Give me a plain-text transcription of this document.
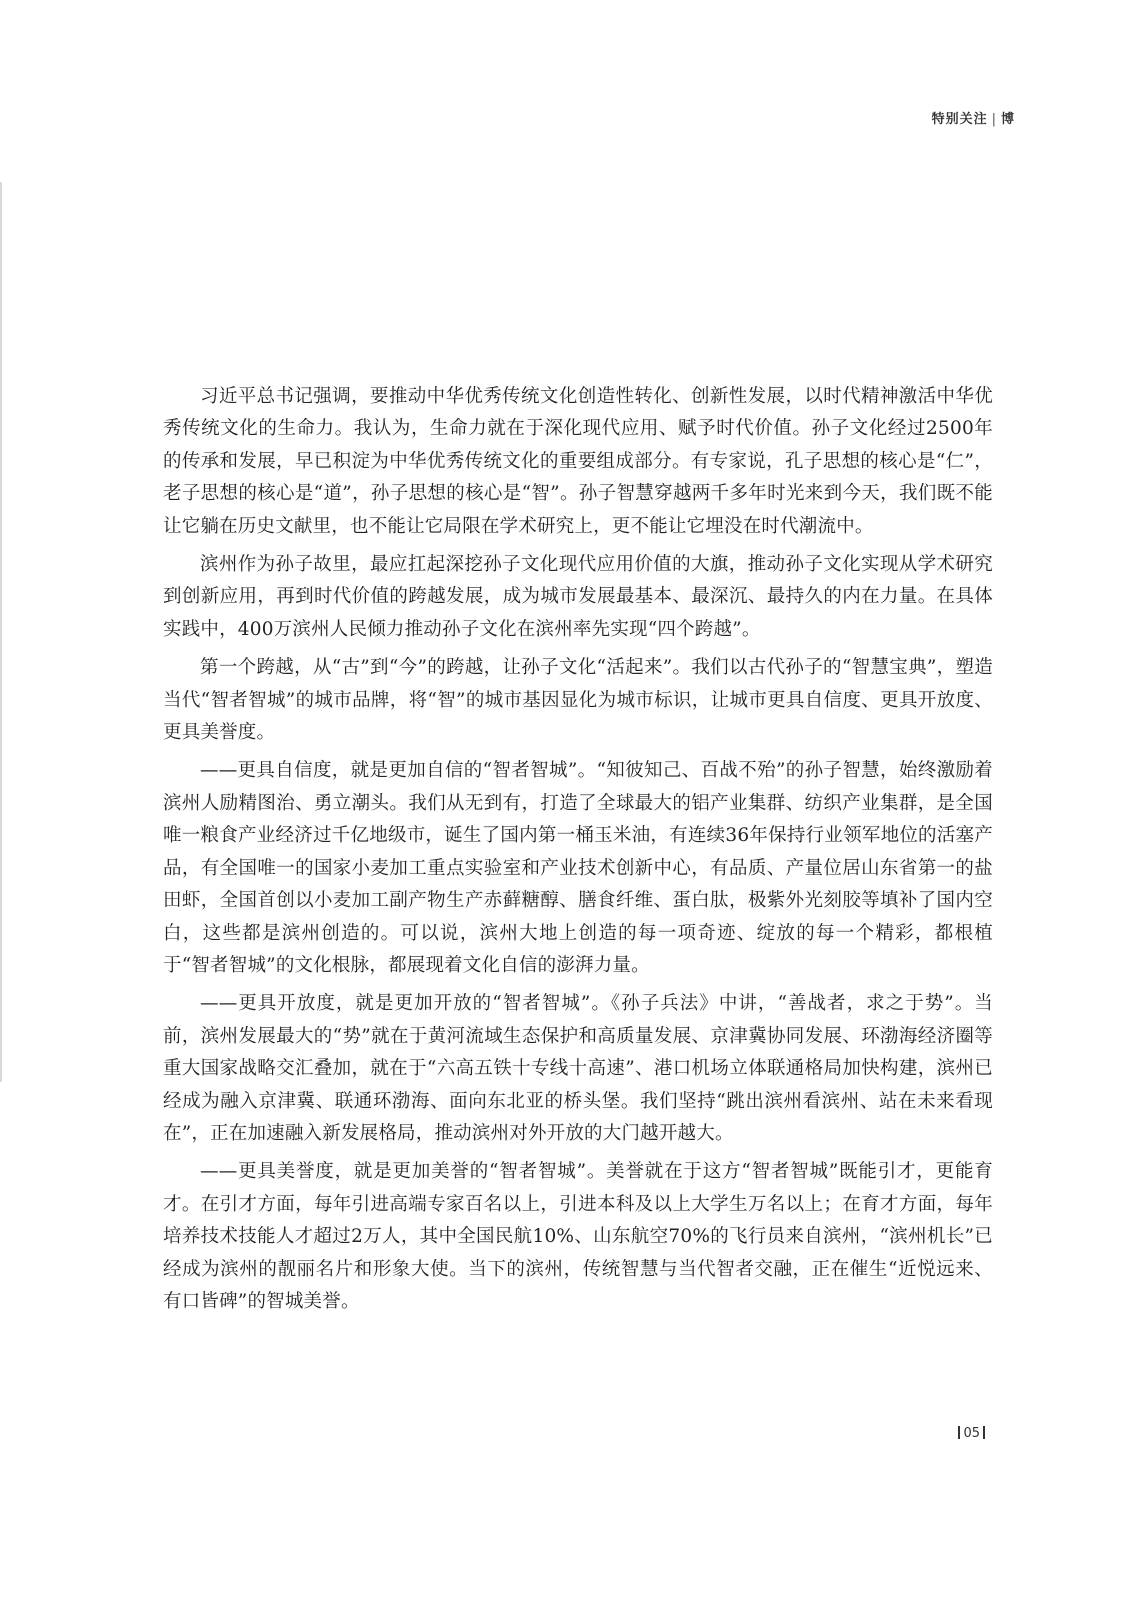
特别关注 | 博

习近平总书记强调，要推动中华优秀传统文化创造性转化、创新性发展，以时代精神激活中华优秀传统文化的生命力。我认为，生命力就在于深化现代应用、赋予时代价值。孙子文化经过2500年的传承和发展，早已积淀为中华优秀传统文化的重要组成部分。有专家说，孔子思想的核心是“仁”，老子思想的核心是“道”，孙子思想的核心是“智”。孙子智慧穿越两千多年时光来到今天，我们既不能让它躺在历史文献里，也不能让它局限在学术研究上，更不能让它埋没在时代潮流中。

滨州作为孙子故里，最应扛起深挖孙子文化现代应用价值的大旗，推动孙子文化实现从学术研究到创新应用，再到时代价值的跨越发展，成为城市发展最基本、最深沉、最持久的内在力量。在具体实践中，400万滨州人民倾力推动孙子文化在滨州率先实现“四个跨越”。

第一个跨越，从“古”到“今”的跨越，让孙子文化“活起来”。我们以古代孙子的“智慧宝典”，塑造当代“智者智城”的城市品牌，将“智”的城市基因显化为城市标识，让城市更具自信度、更具开放度、更具美誉度。

——更具自信度，就是更加自信的“智者智城”。“知彼知己、百战不殆”的孙子智慧，始终激励着滨州人励精图治、勇立潮头。我们从无到有，打造了全球最大的铝产业集群、纺织产业集群，是全国唯一粮食产业经济过千亿地级市，诞生了国内第一桶玉米油，有连续36年保持行业领军地位的活塞产品，有全国唯一的国家小麦加工重点实验室和产业技术创新中心，有品质、产量位居山东省第一的盐田虾，全国首创以小麦加工副产物生产赤藓糖醇、膳食纤维、蛋白肽，极紫外光刻胶等填补了国内空白，这些都是滨州创造的。可以说，滨州大地上创造的每一项奇迹、绽放的每一个精彩，都根植于“智者智城”的文化根脉，都展现着文化自信的澎湃力量。

——更具开放度，就是更加开放的“智者智城”。《孙子兵法》中讲，“善战者，求之于势”。当前，滨州发展最大的“势”就在于黄河流域生态保护和高质量发展、京津冀协同发展、环渤海经济圈等重大国家战略交汇叠加，就在于“六高五铁十专线十高速”、港口机场立体联通格局加快构建，滨州已经成为融入京津冀、联通环渤海、面向东北亚的桥头堡。我们坚持“跳出滨州看滨州、站在未来看现在”，正在加速融入新发展格局，推动滨州对外开放的大门越开越大。

——更具美誉度，就是更加美誉的“智者智城”。美誉就在于这方“智者智城”既能引才，更能育才。在引才方面，每年引进高端专家百名以上，引进本科及以上大学生万名以上；在育才方面，每年培养技术技能人才超过2万人，其中全国民航10%、山东航空70%的飞行员来自滨州，“滨州机长”已经成为滨州的靓丽名片和形象大使。当下的滨州，传统智慧与当代智者交融，正在催生“近悦远来、有口皆碑”的智城美誉。

05
